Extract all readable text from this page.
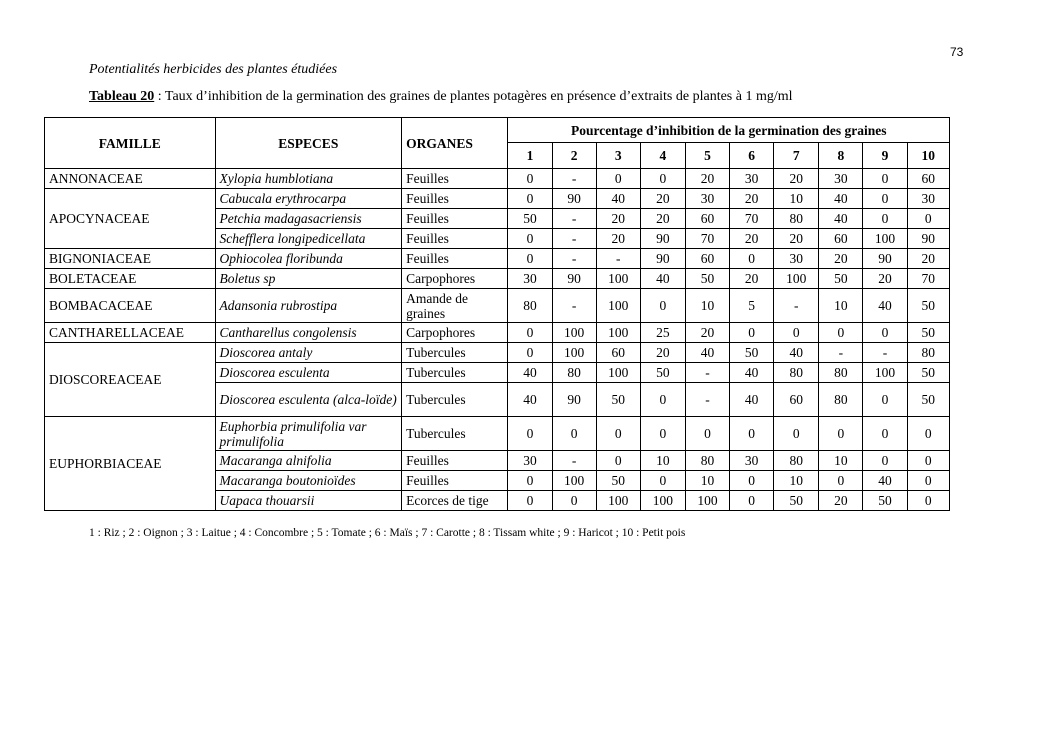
73
Potentialités herbicides des plantes étudiées
Tableau 20 : Taux d’inhibition de la germination des graines de plantes potagères en présence d’extraits de plantes à 1 mg/ml
FAMILLE	ESPECES	ORGANES	Pourcentage d’inhibition de la germination des graines									
			1	2	3	4	5	6	7	8	9	10
ANNONACEAE	Xylopia humblotiana	Feuilles	0	-	0	0	20	30	20	30	0	60
APOCYNACEAE	Cabucala erythrocarpa	Feuilles	0	90	40	20	30	20	10	40	0	30
	Petchia madagasacriensis	Feuilles	50	-	20	20	60	70	80	40	0	0
	Schefflera longipedicellata	Feuilles	0	-	20	90	70	20	20	60	100	90
BIGNONIACEAE	Ophiocolea floribunda	Feuilles	0	-	-	90	60	0	30	20	90	20
BOLETACEAE	Boletus sp	Carpophores	30	90	100	40	50	20	100	50	20	70
BOMBACACEAE	Adansonia rubrostipa	Amande de graines	80	-	100	0	10	5	-	10	40	50
CANTHARELLACEAE	Cantharellus congolensis	Carpophores	0	100	100	25	20	0	0	0	0	50
DIOSCOREACEAE	Dioscorea antaly	Tubercules	0	100	60	20	40	50	40	-	-	80
	Dioscorea esculenta	Tubercules	40	80	100	50	-	40	80	80	100	50
	Dioscorea esculenta (alca-loïde)	Tubercules	40	90	50	0	-	40	60	80	0	50
EUPHORBIACEAE	Euphorbia primulifolia var primulifolia	Tubercules	0	0	0	0	0	0	0	0	0	0
	Macaranga alnifolia	Feuilles	30	-	0	10	80	30	80	10	0	0
	Macaranga boutonioïdes	Feuilles	0	100	50	0	10	0	10	0	40	0
	Uapaca thouarsii	Ecorces de tige	0	0	100	100	100	0	50	20	50	0
1 : Riz ; 2 : Oignon ; 3 : Laitue ; 4 : Concombre ; 5 : Tomate ; 6 : Maïs ; 7 : Carotte ; 8 : Tissam white ; 9 : Haricot ; 10 : Petit pois
